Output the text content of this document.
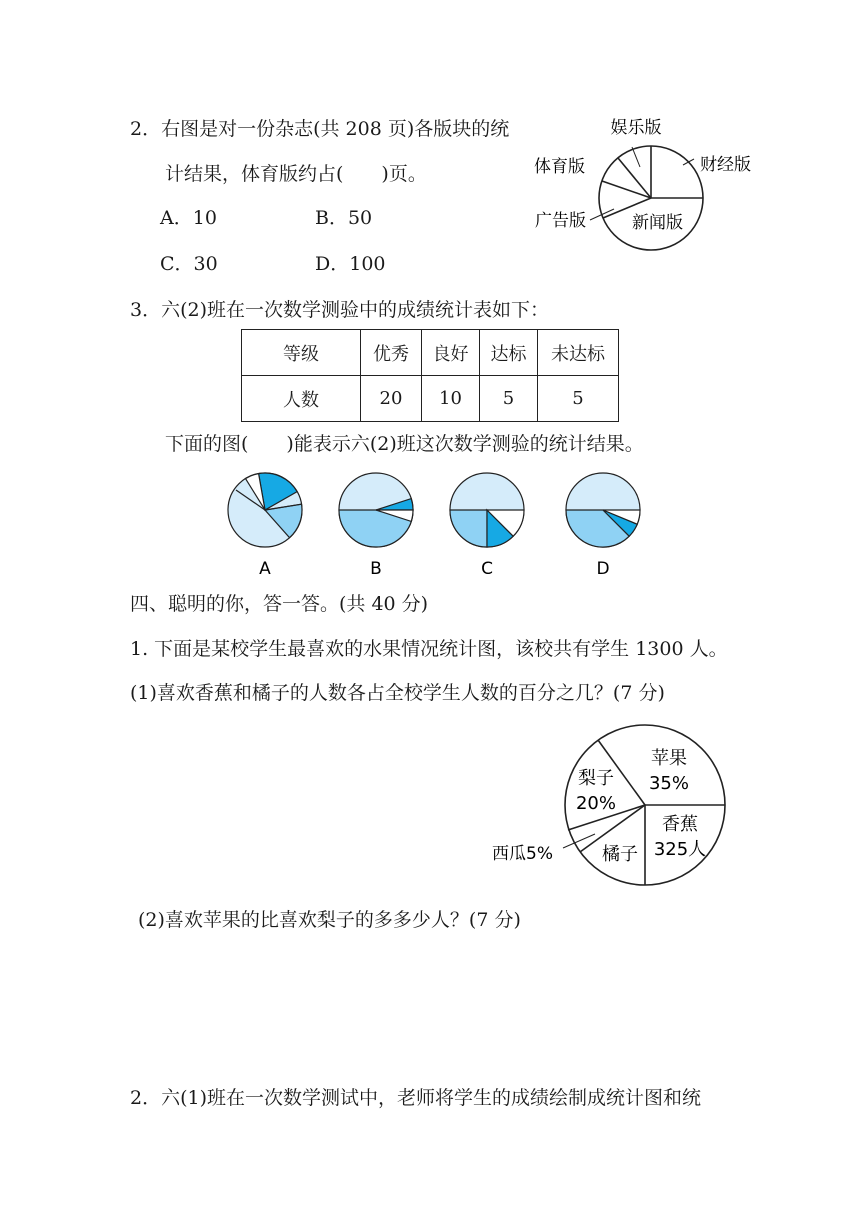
2．右图是对一份杂志(共 208 页)各版块的统
计结果，体育版约占(　　)页。
A．10	B．50
C．30	D．100
娱乐版
体育版	财经版
广告版	新闻版
3．六(2)班在一次数学测验中的成绩统计表如下：
等级	优秀	良好	达标	未达标
人数	20	10	5	5
下面的图(　　)能表示六(2)班这次数学测验的统计结果。
A	B	C	D
四、聪明的你，答一答。(共 40 分)
1. 下面是某校学生最喜欢的水果情况统计图，该校共有学生 1300 人。
(1)喜欢香蕉和橘子的人数各占全校学生人数的百分之几？(7 分)
苹果
35%
梨子
20%
香蕉
325人
橘子
西瓜5%
(2)喜欢苹果的比喜欢梨子的多多少人？(7 分)
2．六(1)班在一次数学测试中，老师将学生的成绩绘制成统计图和统
